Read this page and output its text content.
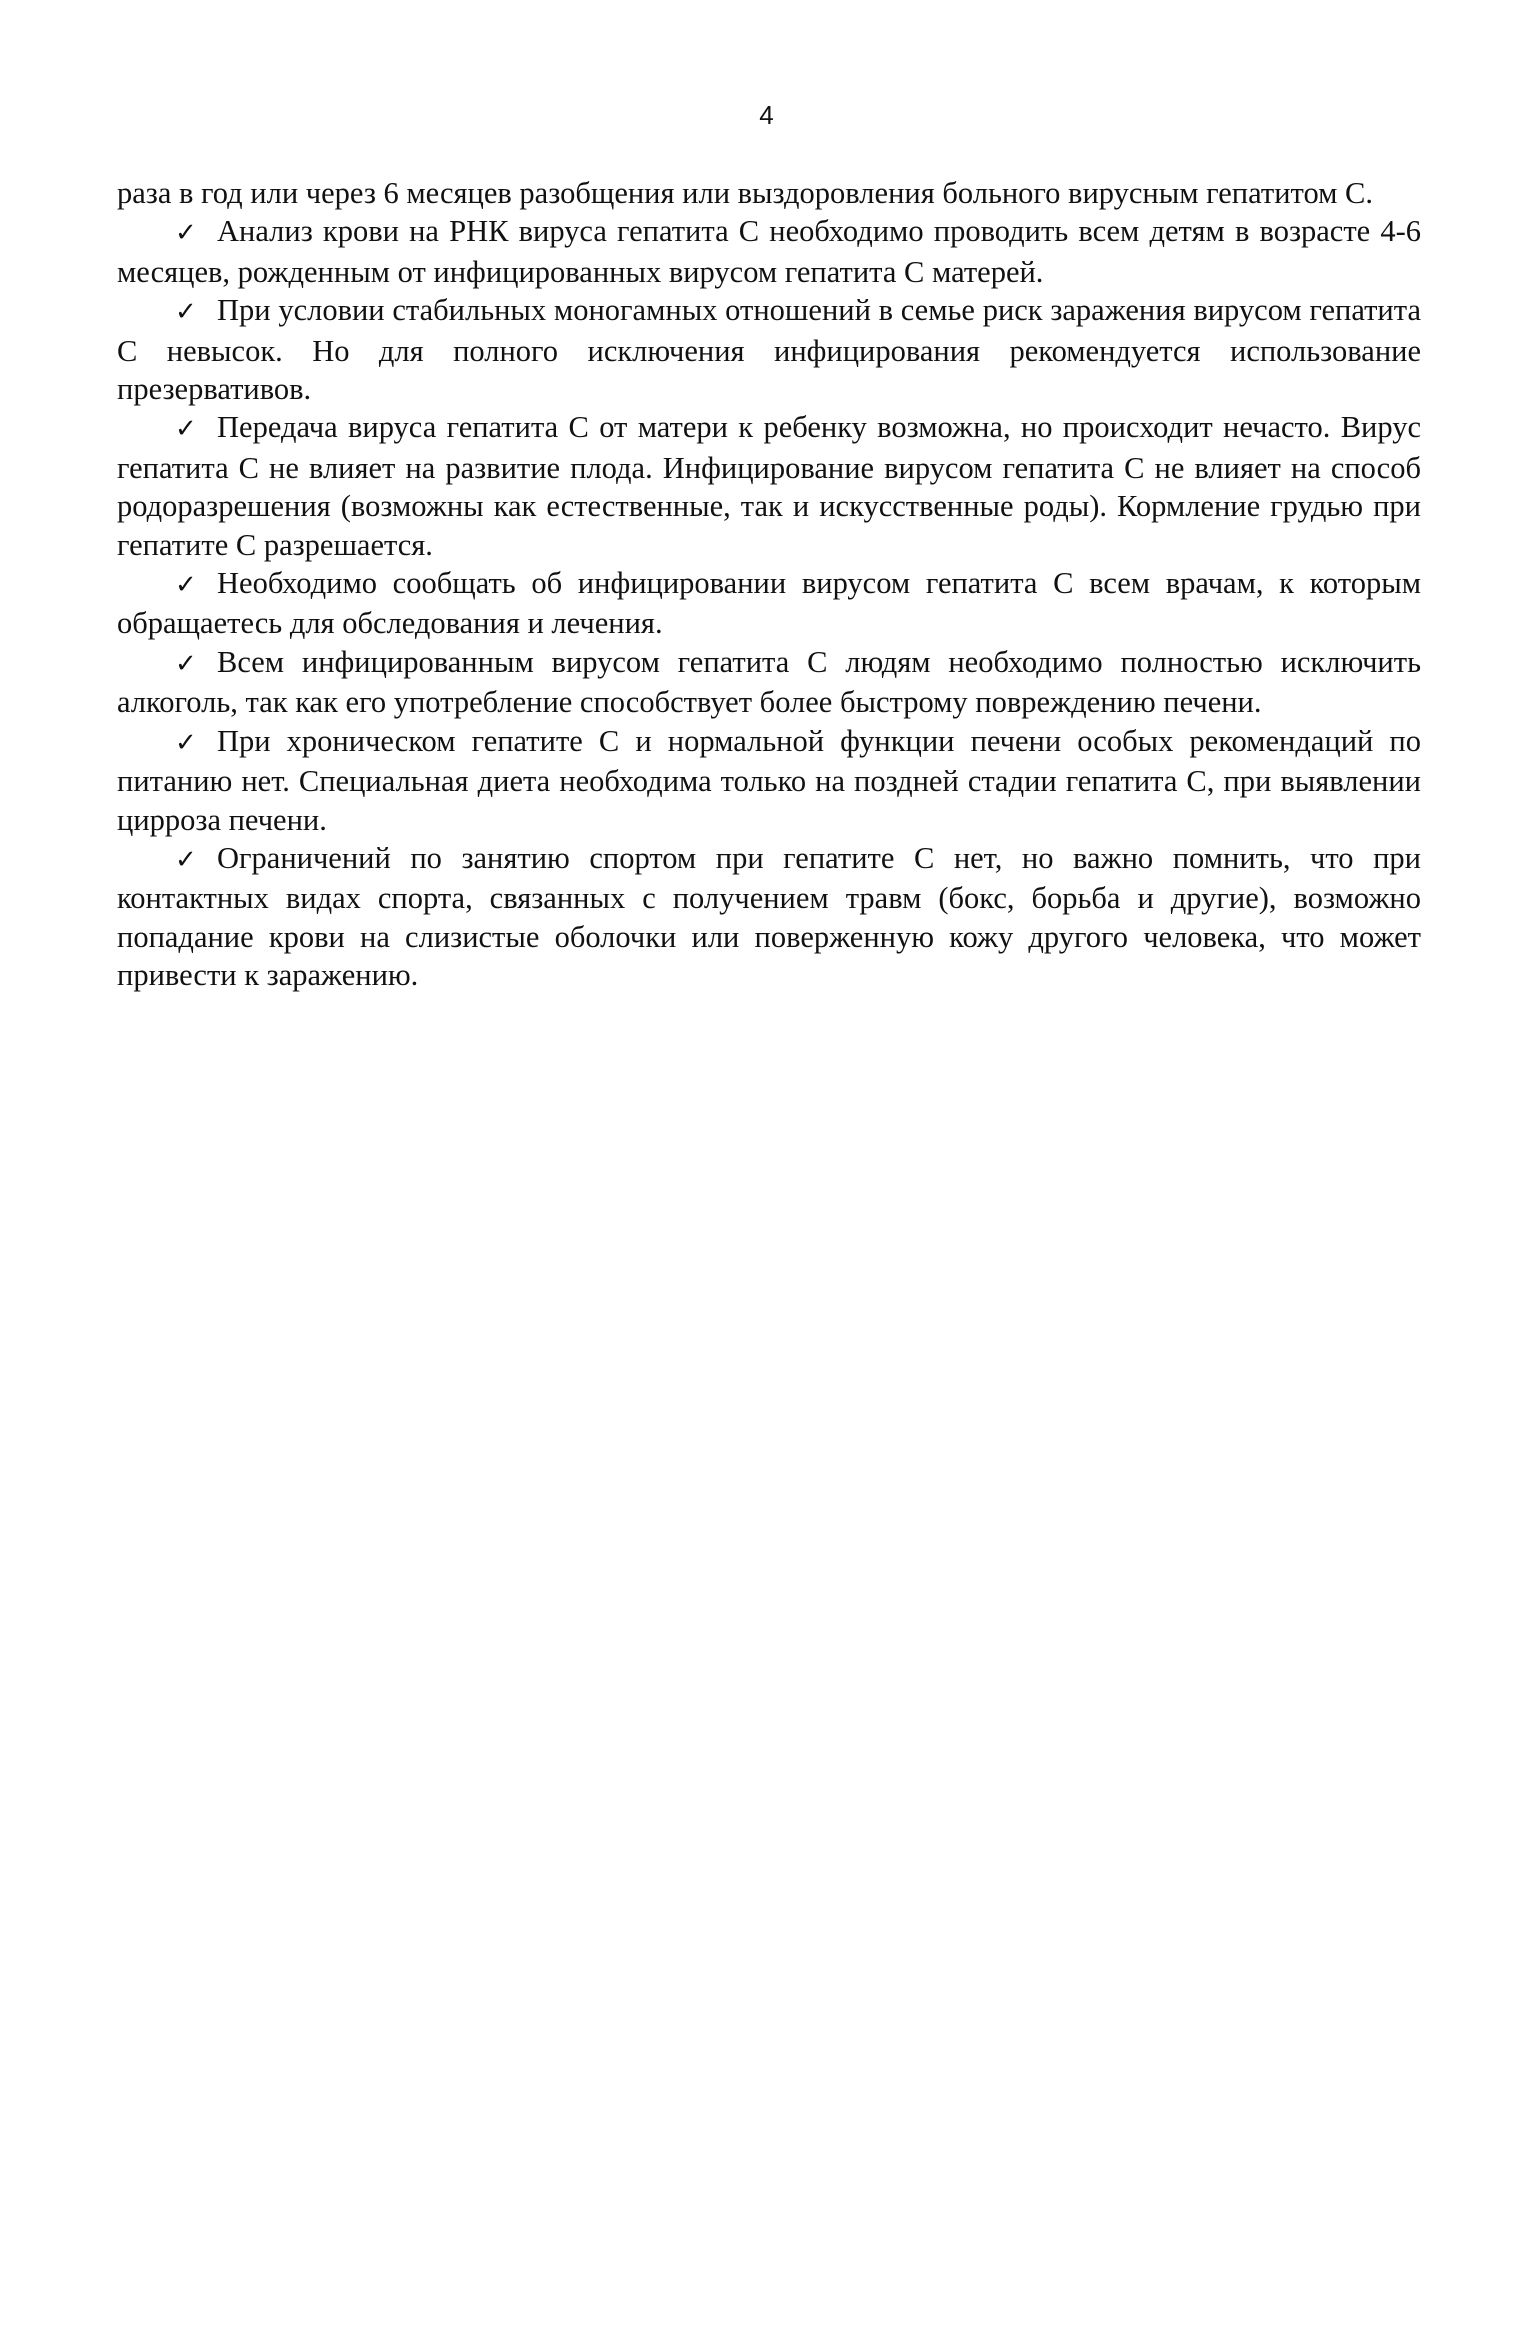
4

раза в год или через 6 месяцев разобщения или выздоровления больного вирусным гепатитом С.

✓ Анализ крови на РНК вируса гепатита С необходимо проводить всем детям в возрасте 4-6 месяцев, рожденным от инфицированных вирусом гепатита С матерей.

✓ При условии стабильных моногамных отношений в семье риск заражения вирусом гепатита С невысок. Но для полного исключения инфицирования рекомендуется использование презервативов.

✓ Передача вируса гепатита С от матери к ребенку возможна, но происходит нечасто. Вирус гепатита С не влияет на развитие плода. Инфицирование вирусом гепатита С не влияет на способ родоразрешения (возможны как естественные, так и искусственные роды). Кормление грудью при гепатите С разрешается.

✓ Необходимо сообщать об инфицировании вирусом гепатита С всем врачам, к которым обращаетесь для обследования и лечения.

✓ Всем инфицированным вирусом гепатита С людям необходимо полностью исключить алкоголь, так как его употребление способствует более быстрому повреждению печени.

✓ При хроническом гепатите С и нормальной функции печени особых рекомендаций по питанию нет. Специальная диета необходима только на поздней стадии гепатита С, при выявлении цирроза печени.

✓ Ограничений по занятию спортом при гепатите С нет, но важно помнить, что при контактных видах спорта, связанных с получением травм (бокс, борьба и другие), возможно попадание крови на слизистые оболочки или поверженную кожу другого человека, что может привести к заражению.
